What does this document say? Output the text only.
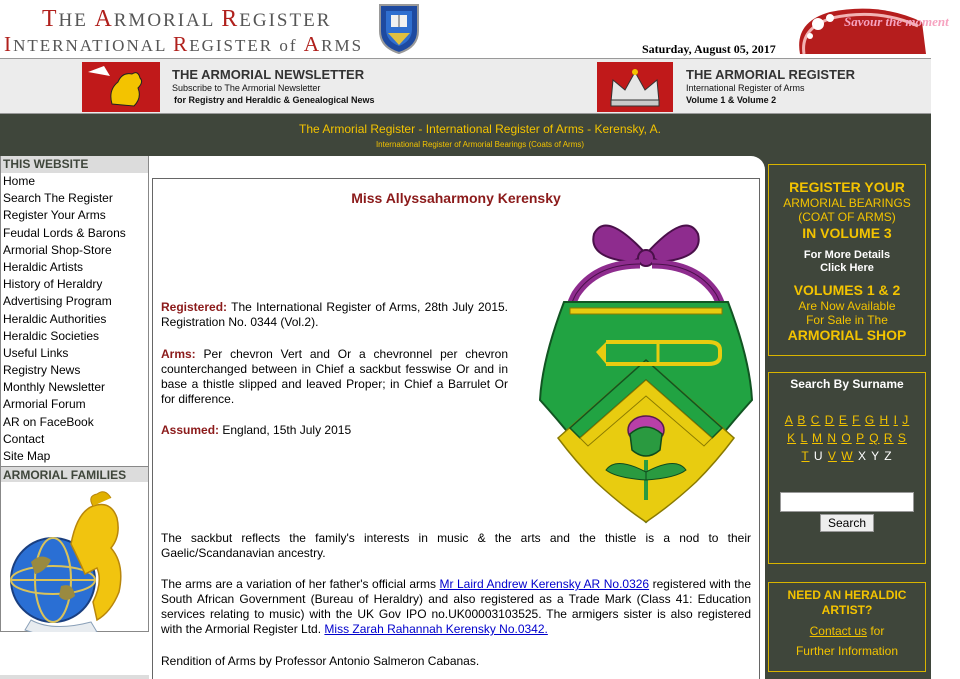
THE ARMORIAL REGISTER
INTERNATIONAL REGISTER of ARMS	Saturday, August 05, 2017
Savour the moment
THE ARMORIAL NEWSLETTER
Subscribe to The Armorial Newsletter
for Registry and Heraldic & Genealogical News
THE ARMORIAL REGISTER
International Register of Arms
Volume 1 & Volume 2
The Armorial Register - International Register of Arms - Kerensky, A.
International Register of Armorial Bearings (Coats of Arms)
THIS WEBSITE
Home
Search The Register
Register Your Arms
Feudal Lords & Barons
Armorial Shop-Store
Heraldic Artists
History of Heraldry
Advertising Program
Heraldic Authorities
Heraldic Societies
Useful Links
Registry News
Monthly Newsletter
Armorial Forum
AR on FaceBook
Contact
Site Map
ARMORIAL FAMILIES
Miss Allyssaharmony Kerensky
Registered: The International Register of Arms, 28th July 2015. Registration No. 0344 (Vol.2).
Arms: Per chevron Vert and Or a chevronnel per chevron counterchanged between in Chief a sackbut fesswise Or and in base a thistle slipped and leaved Proper; in Chief a Barrulet Or for difference.
Assumed: England, 15th July 2015
The sackbut reflects the family's interests in music & the arts and the thistle is a nod to their Gaelic/Scandanavian ancestry.
The arms are a variation of her father's official arms Mr Laird Andrew Kerensky AR No.0326 registered with the South African Government (Bureau of Heraldry) and also registered as a Trade Mark (Class 41: Education services relating to music) with the UK Gov IPO no.UK00003103525. The armigers sister is also registered with the Armorial Register Ltd. Miss Zarah Rahannah Kerensky No.0342.
Rendition of Arms by Professor Antonio Salmeron Cabanas.
REGISTER YOUR
ARMORIAL BEARINGS
(COAT OF ARMS)
IN VOLUME 3
For More Details
Click Here
VOLUMES 1 & 2
Are Now Available
For Sale in The
ARMORIAL SHOP
Search By Surname
A B C D E F G H I J
K L M N O P Q R S
T U V W X Y Z
Search
NEED AN HERALDIC
ARTIST?
Contact us for
Further Information
